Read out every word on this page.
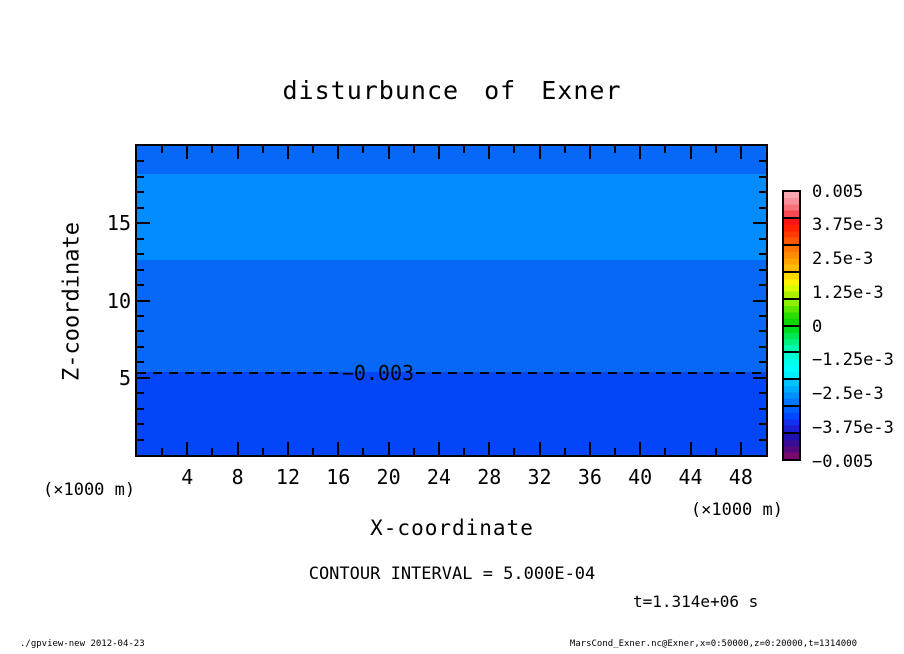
disturbunce of Exner
−0.003
Z-coordinate
X-coordinate
(×1000 m)
(×1000 m)
CONTOUR INTERVAL = 5.000E-04
t=1.314e+06 s
./gpview-new 2012-04-23	MarsCond_Exner.nc@Exner,x=0:50000,z=0:20000,t=1314000
4 8 12 16 20 24 28 32 36 40 44 48
5
10
15
0.005
3.75e-3
2.5e-3
1.25e-3
0
−1.25e-3
−2.5e-3
−3.75e-3
−0.005
